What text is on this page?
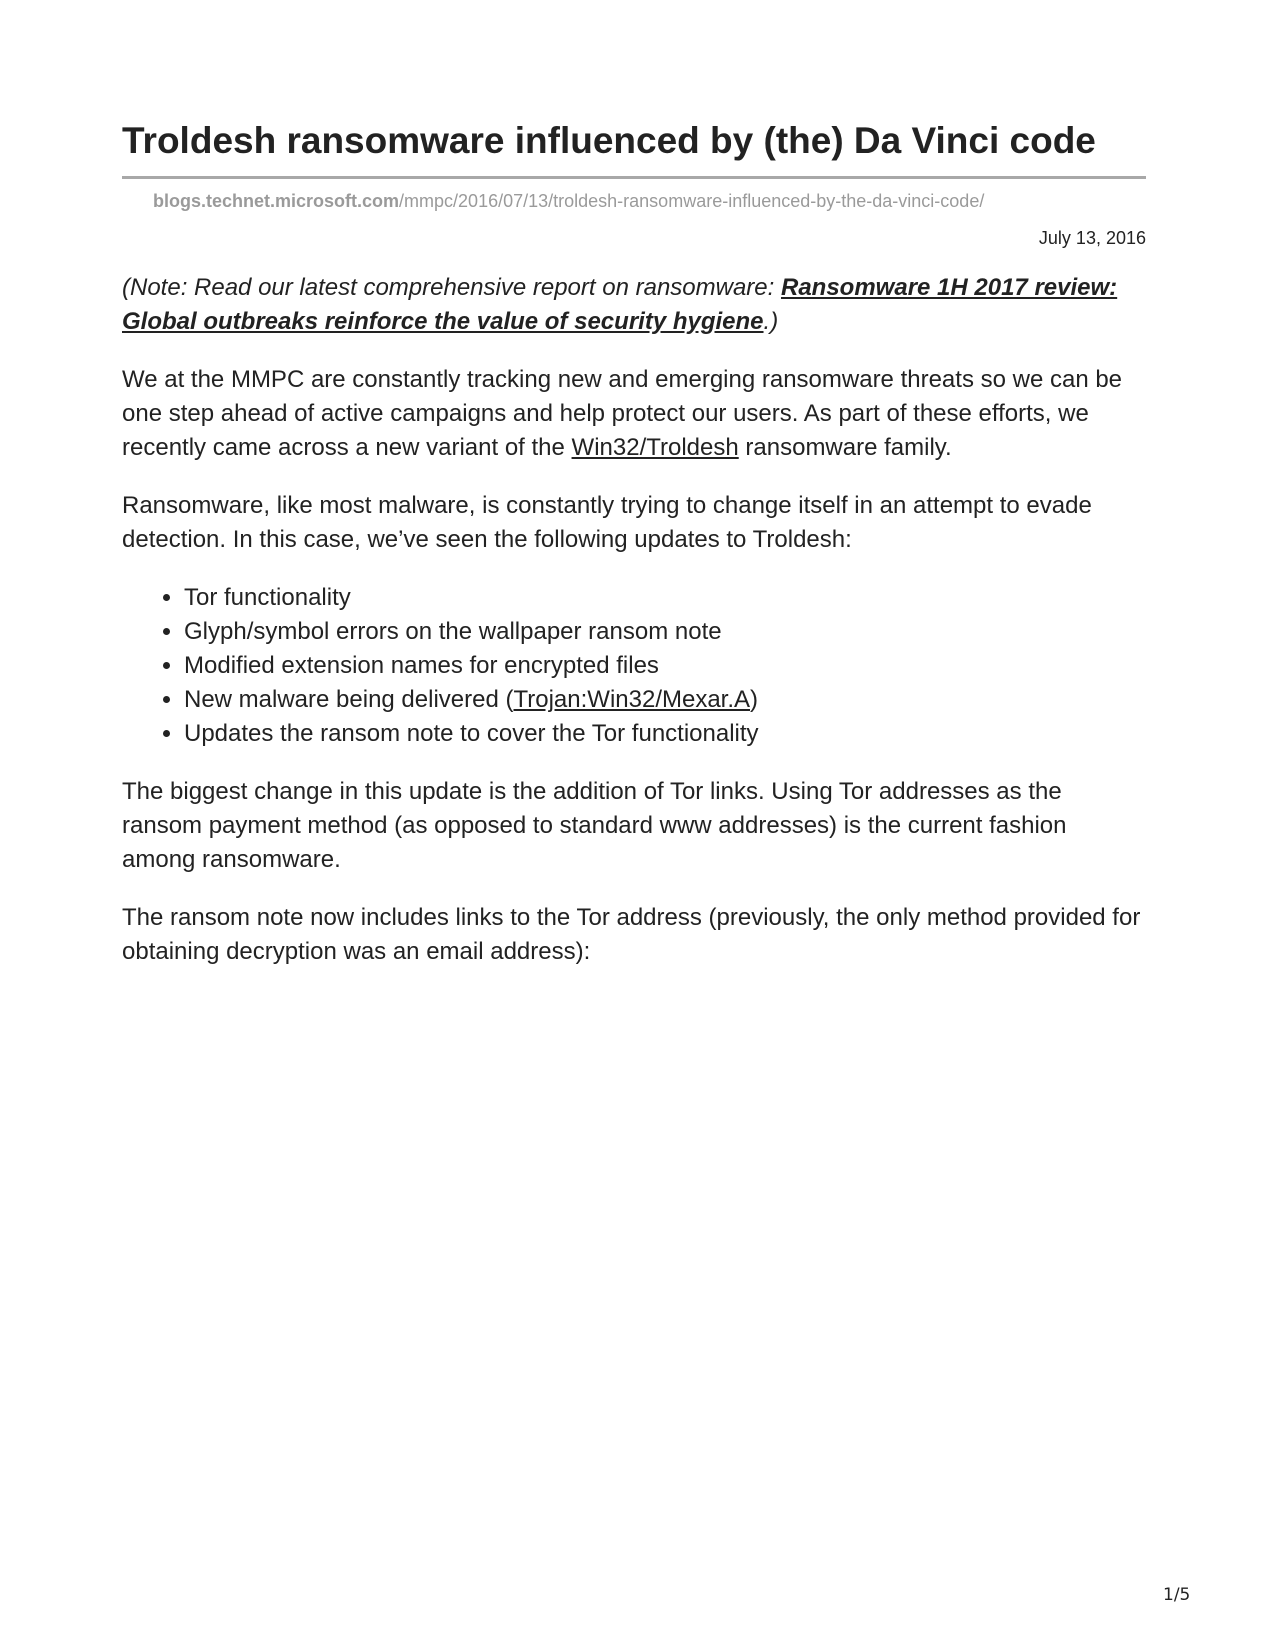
Troldesh ransomware influenced by (the) Da Vinci code
blogs.technet.microsoft.com/mmpc/2016/07/13/troldesh-ransomware-influenced-by-the-da-vinci-code/
July 13, 2016

(Note: Read our latest comprehensive report on ransomware: Ransomware 1H 2017 review: Global outbreaks reinforce the value of security hygiene.)

We at the MMPC are constantly tracking new and emerging ransomware threats so we can be one step ahead of active campaigns and help protect our users. As part of these efforts, we recently came across a new variant of the Win32/Troldesh ransomware family.

Ransomware, like most malware, is constantly trying to change itself in an attempt to evade detection. In this case, we’ve seen the following updates to Troldesh:

• Tor functionality
• Glyph/symbol errors on the wallpaper ransom note
• Modified extension names for encrypted files
• New malware being delivered (Trojan:Win32/Mexar.A)
• Updates the ransom note to cover the Tor functionality

The biggest change in this update is the addition of Tor links. Using Tor addresses as the ransom payment method (as opposed to standard www addresses) is the current fashion among ransomware.

The ransom note now includes links to the Tor address (previously, the only method provided for obtaining decryption was an email address):

1/5
